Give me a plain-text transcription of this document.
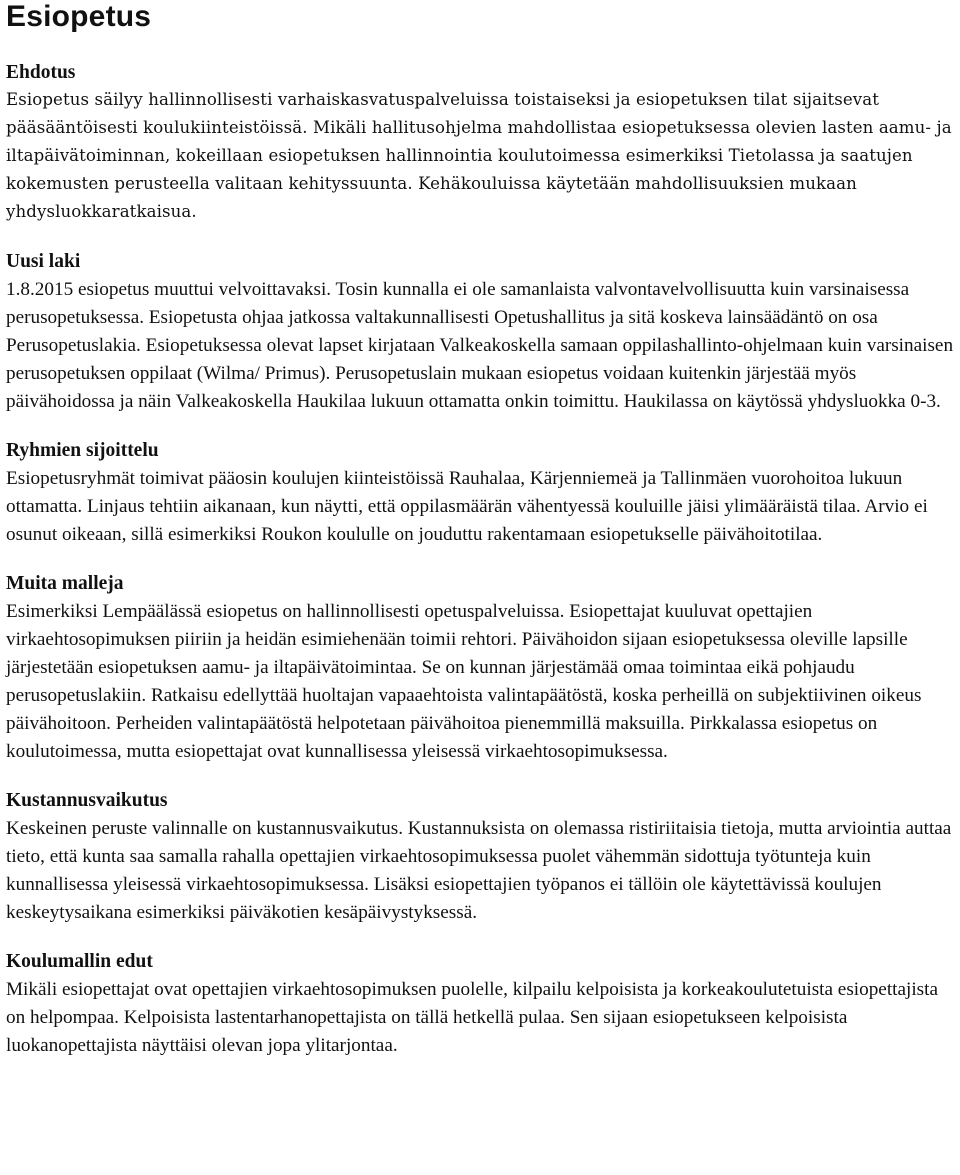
Esiopetus
Ehdotus

Esiopetus säilyy hallinnollisesti varhaiskasvatuspalveluissa toistaiseksi ja esiopetuksen tilat sijaitsevat pääsääntöisesti koulukiinteistöissä. Mikäli hallitusohjelma mahdollistaa esiopetuksessa olevien lasten aamu- ja iltapäivätoiminnan, kokeillaan esiopetuksen hallinnointia koulutoimessa esimerkiksi Tietolassa ja saatujen kokemusten perusteella valitaan kehityssuunta. Kehäkouluissa käytetään mahdollisuuksien mukaan yhdysluokkaratkaisua.

Uusi laki

1.8.2015 esiopetus muuttui velvoittavaksi. Tosin kunnalla ei ole samanlaista valvontavelvollisuutta kuin varsinaisessa perusopetuksessa. Esiopetusta ohjaa jatkossa valtakunnallisesti Opetushallitus ja sitä koskeva lainsäädäntö on osa Perusopetuslakia. Esiopetuksessa olevat lapset kirjataan Valkeakoskella samaan oppilashallinto-ohjelmaan kuin varsinaisen perusopetuksen oppilaat (Wilma/ Primus). Perusopetuslain mukaan esiopetus voidaan kuitenkin järjestää myös päivähoidossa ja näin Valkeakoskella Haukilaa lukuun ottamatta onkin toimittu. Haukilassa on käytössä yhdysluokka 0-3.

Ryhmien sijoittelu

Esiopetusryhmät toimivat pääosin koulujen kiinteistöissä Rauhalaa, Kärjenniemeä ja Tallinmäen vuorohoitoa lukuun ottamatta. Linjaus tehtiin aikanaan, kun näytti, että oppilasmäärän vähentyessä kouluille jäisi ylimääräistä tilaa. Arvio ei osunut oikeaan, sillä esimerkiksi Roukon koululle on jouduttu rakentamaan esiopetukselle päivähoitotilaa.

Muita malleja

Esimerkiksi Lempäälässä esiopetus on hallinnollisesti opetuspalveluissa. Esiopettajat kuuluvat opettajien virkaehtosopimuksen piiriin ja heidän esimiehenään toimii rehtori. Päivähoidon sijaan esiopetuksessa oleville lapsille järjestetään esiopetuksen aamu- ja iltapäivätoimintaa. Se on kunnan järjestämää omaa toimintaa eikä pohjaudu perusopetuslakiin. Ratkaisu edellyttää huoltajan vapaaehtoista valintapäätöstä, koska perheillä on subjektiivinen oikeus päivähoitoon. Perheiden valintapäätöstä helpotetaan päivähoitoa pienemmillä maksuilla. Pirkkalassa esiopetus on koulutoimessa, mutta esiopettajat ovat kunnallisessa yleisessä virkaehtosopimuksessa.

Kustannusvaikutus

Keskeinen peruste valinnalle on kustannusvaikutus. Kustannuksista on olemassa ristiriitaisia tietoja, mutta arviointia auttaa tieto, että kunta saa samalla rahalla opettajien virkaehtosopimuksessa puolet vähemmän sidottuja työtunteja kuin kunnallisessa yleisessä virkaehtosopimuksessa. Lisäksi esiopettajien työpanos ei tällöin ole käytettävissä koulujen keskeytysaikana esimerkiksi päiväkotien kesäpäivystyksessä.

Koulumallin edut

Mikäli esiopettajat ovat opettajien virkaehtosopimuksen puolelle, kilpailu kelpoisista ja korkeakoulutetuista esiopettajista on helpompaa. Kelpoisista lastentarhanopettajista on tällä hetkellä pulaa. Sen sijaan esiopetukseen kelpoisista luokanopettajista näyttäisi olevan jopa ylitarjontaa.
